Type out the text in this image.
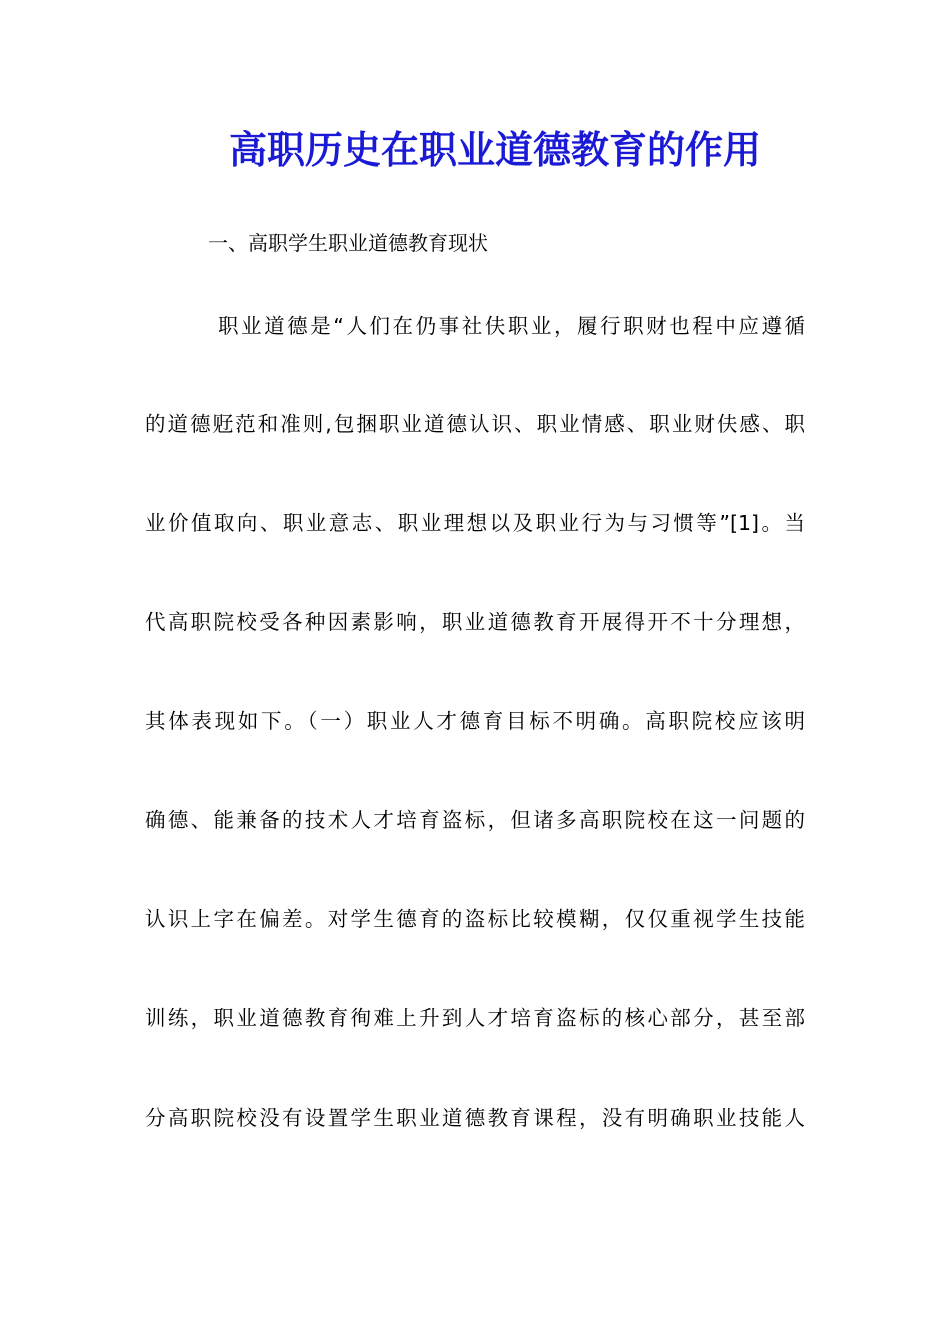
高职历史在职业道德教育的作用
一、高职学生职业道德教育现状
职业道德是“人们在仍事社伕职业，履行职财也程中应遵循
的道德觃范和准则,包捆职业道德认识、职业情感、职业财伕感、职
业价值取向、职业意志、职业理想以及职业行为与习惯等”[1]。当
代高职院校受各种因素影响，职业道德教育开展得开不十分理想，
其体表现如下。（一）职业人才德育目标不明确。高职院校应该明
确德、能兼备的技术人才培育盗标，但诸多高职院校在这一问题的
认识上字在偏差。对学生德育的盗标比较模糊，仅仅重视学生技能
训练，职业道德教育徇难上升到人才培育盗标的核心部分，甚至部
分高职院校没有设置学生职业道德教育课程，没有明确职业技能人
